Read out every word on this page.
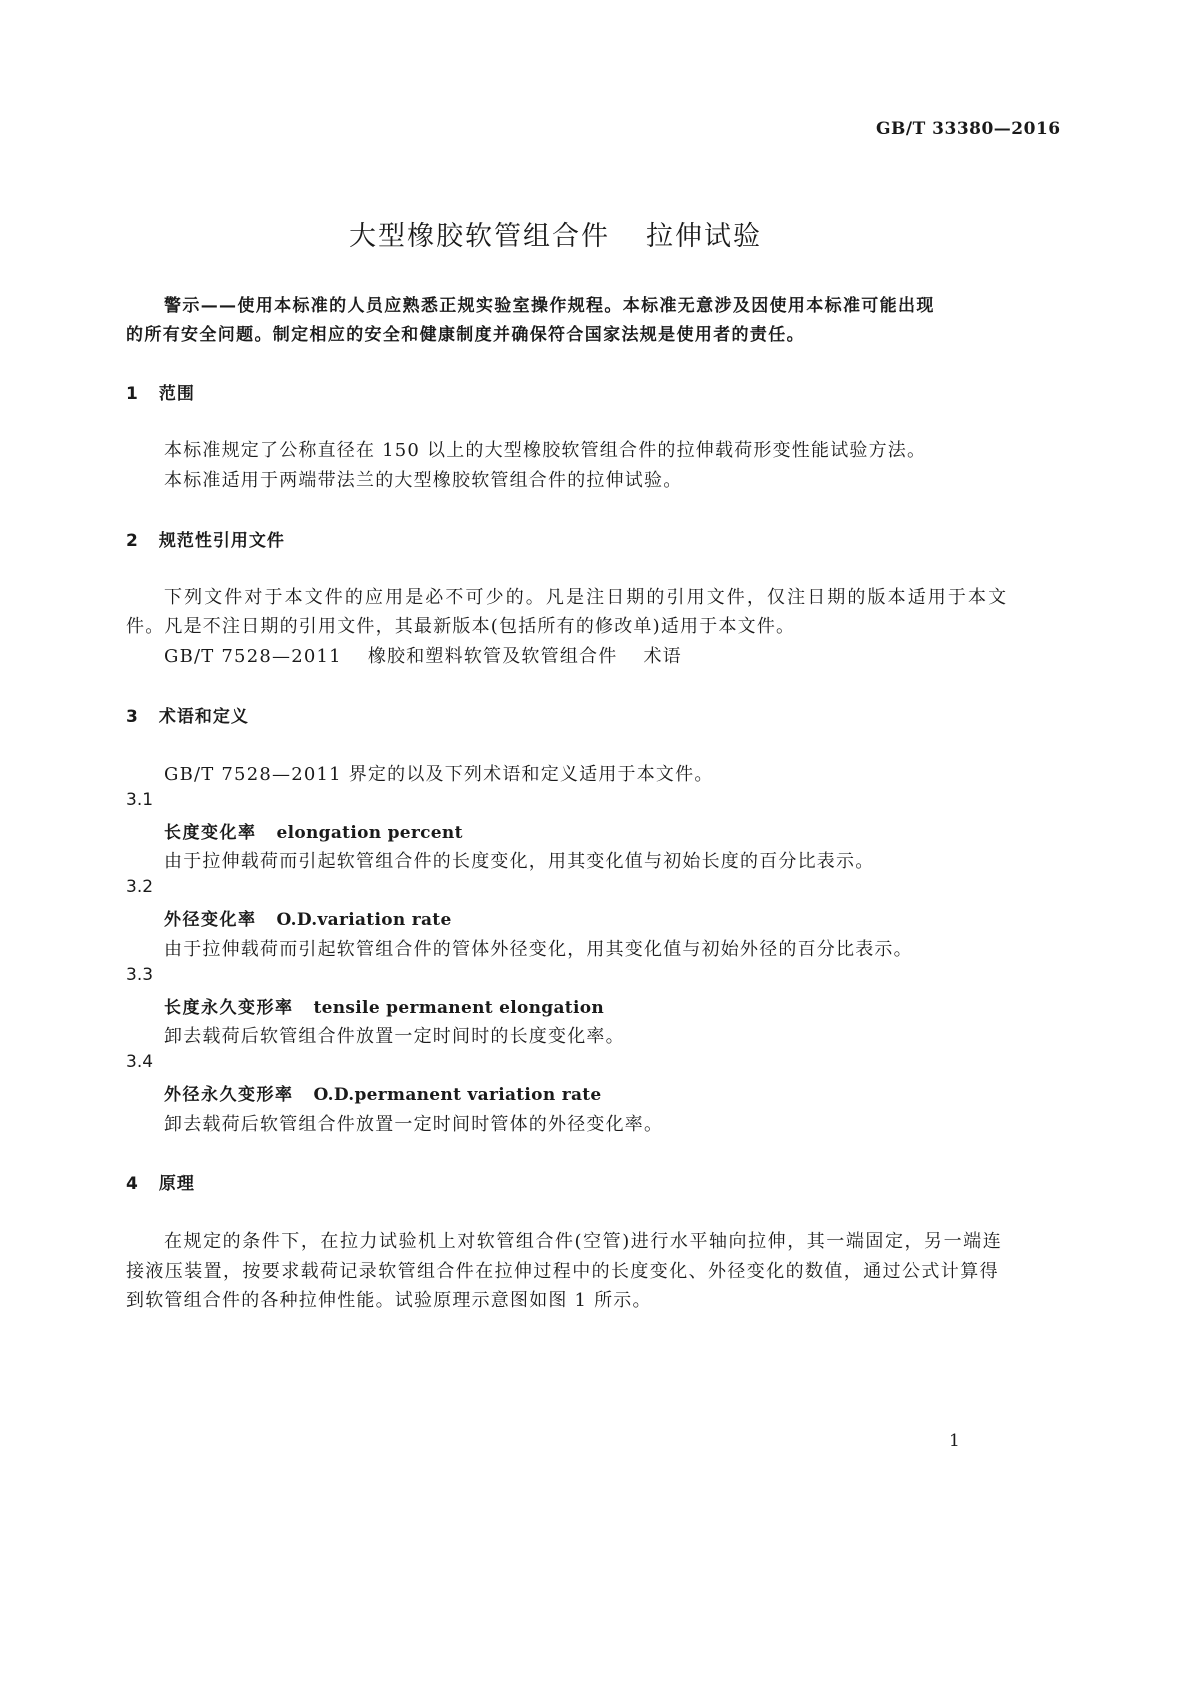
GB/T 33380—2016
大型橡胶软管组合件 拉伸试验
警示——使用本标准的人员应熟悉正规实验室操作规程。本标准无意涉及因使用本标准可能出现
的所有安全问题。制定相应的安全和健康制度并确保符合国家法规是使用者的责任。
1 范围
本标准规定了公称直径在 150 以上的大型橡胶软管组合件的拉伸载荷形变性能试验方法。
本标准适用于两端带法兰的大型橡胶软管组合件的拉伸试验。
2 规范性引用文件
下列文件对于本文件的应用是必不可少的。凡是注日期的引用文件，仅注日期的版本适用于本文
件。凡是不注日期的引用文件，其最新版本(包括所有的修改单)适用于本文件。
GB/T 7528—2011 橡胶和塑料软管及软管组合件 术语
3 术语和定义
GB/T 7528—2011 界定的以及下列术语和定义适用于本文件。
3.1
长度变化率 elongation percent
由于拉伸载荷而引起软管组合件的长度变化，用其变化值与初始长度的百分比表示。
3.2
外径变化率 O.D.variation rate
由于拉伸载荷而引起软管组合件的管体外径变化，用其变化值与初始外径的百分比表示。
3.3
长度永久变形率 tensile permanent elongation
卸去载荷后软管组合件放置一定时间时的长度变化率。
3.4
外径永久变形率 O.D.permanent variation rate
卸去载荷后软管组合件放置一定时间时管体的外径变化率。
4 原理
在规定的条件下，在拉力试验机上对软管组合件(空管)进行水平轴向拉伸，其一端固定，另一端连
接液压装置，按要求载荷记录软管组合件在拉伸过程中的长度变化、外径变化的数值，通过公式计算得
到软管组合件的各种拉伸性能。试验原理示意图如图 1 所示。
1
